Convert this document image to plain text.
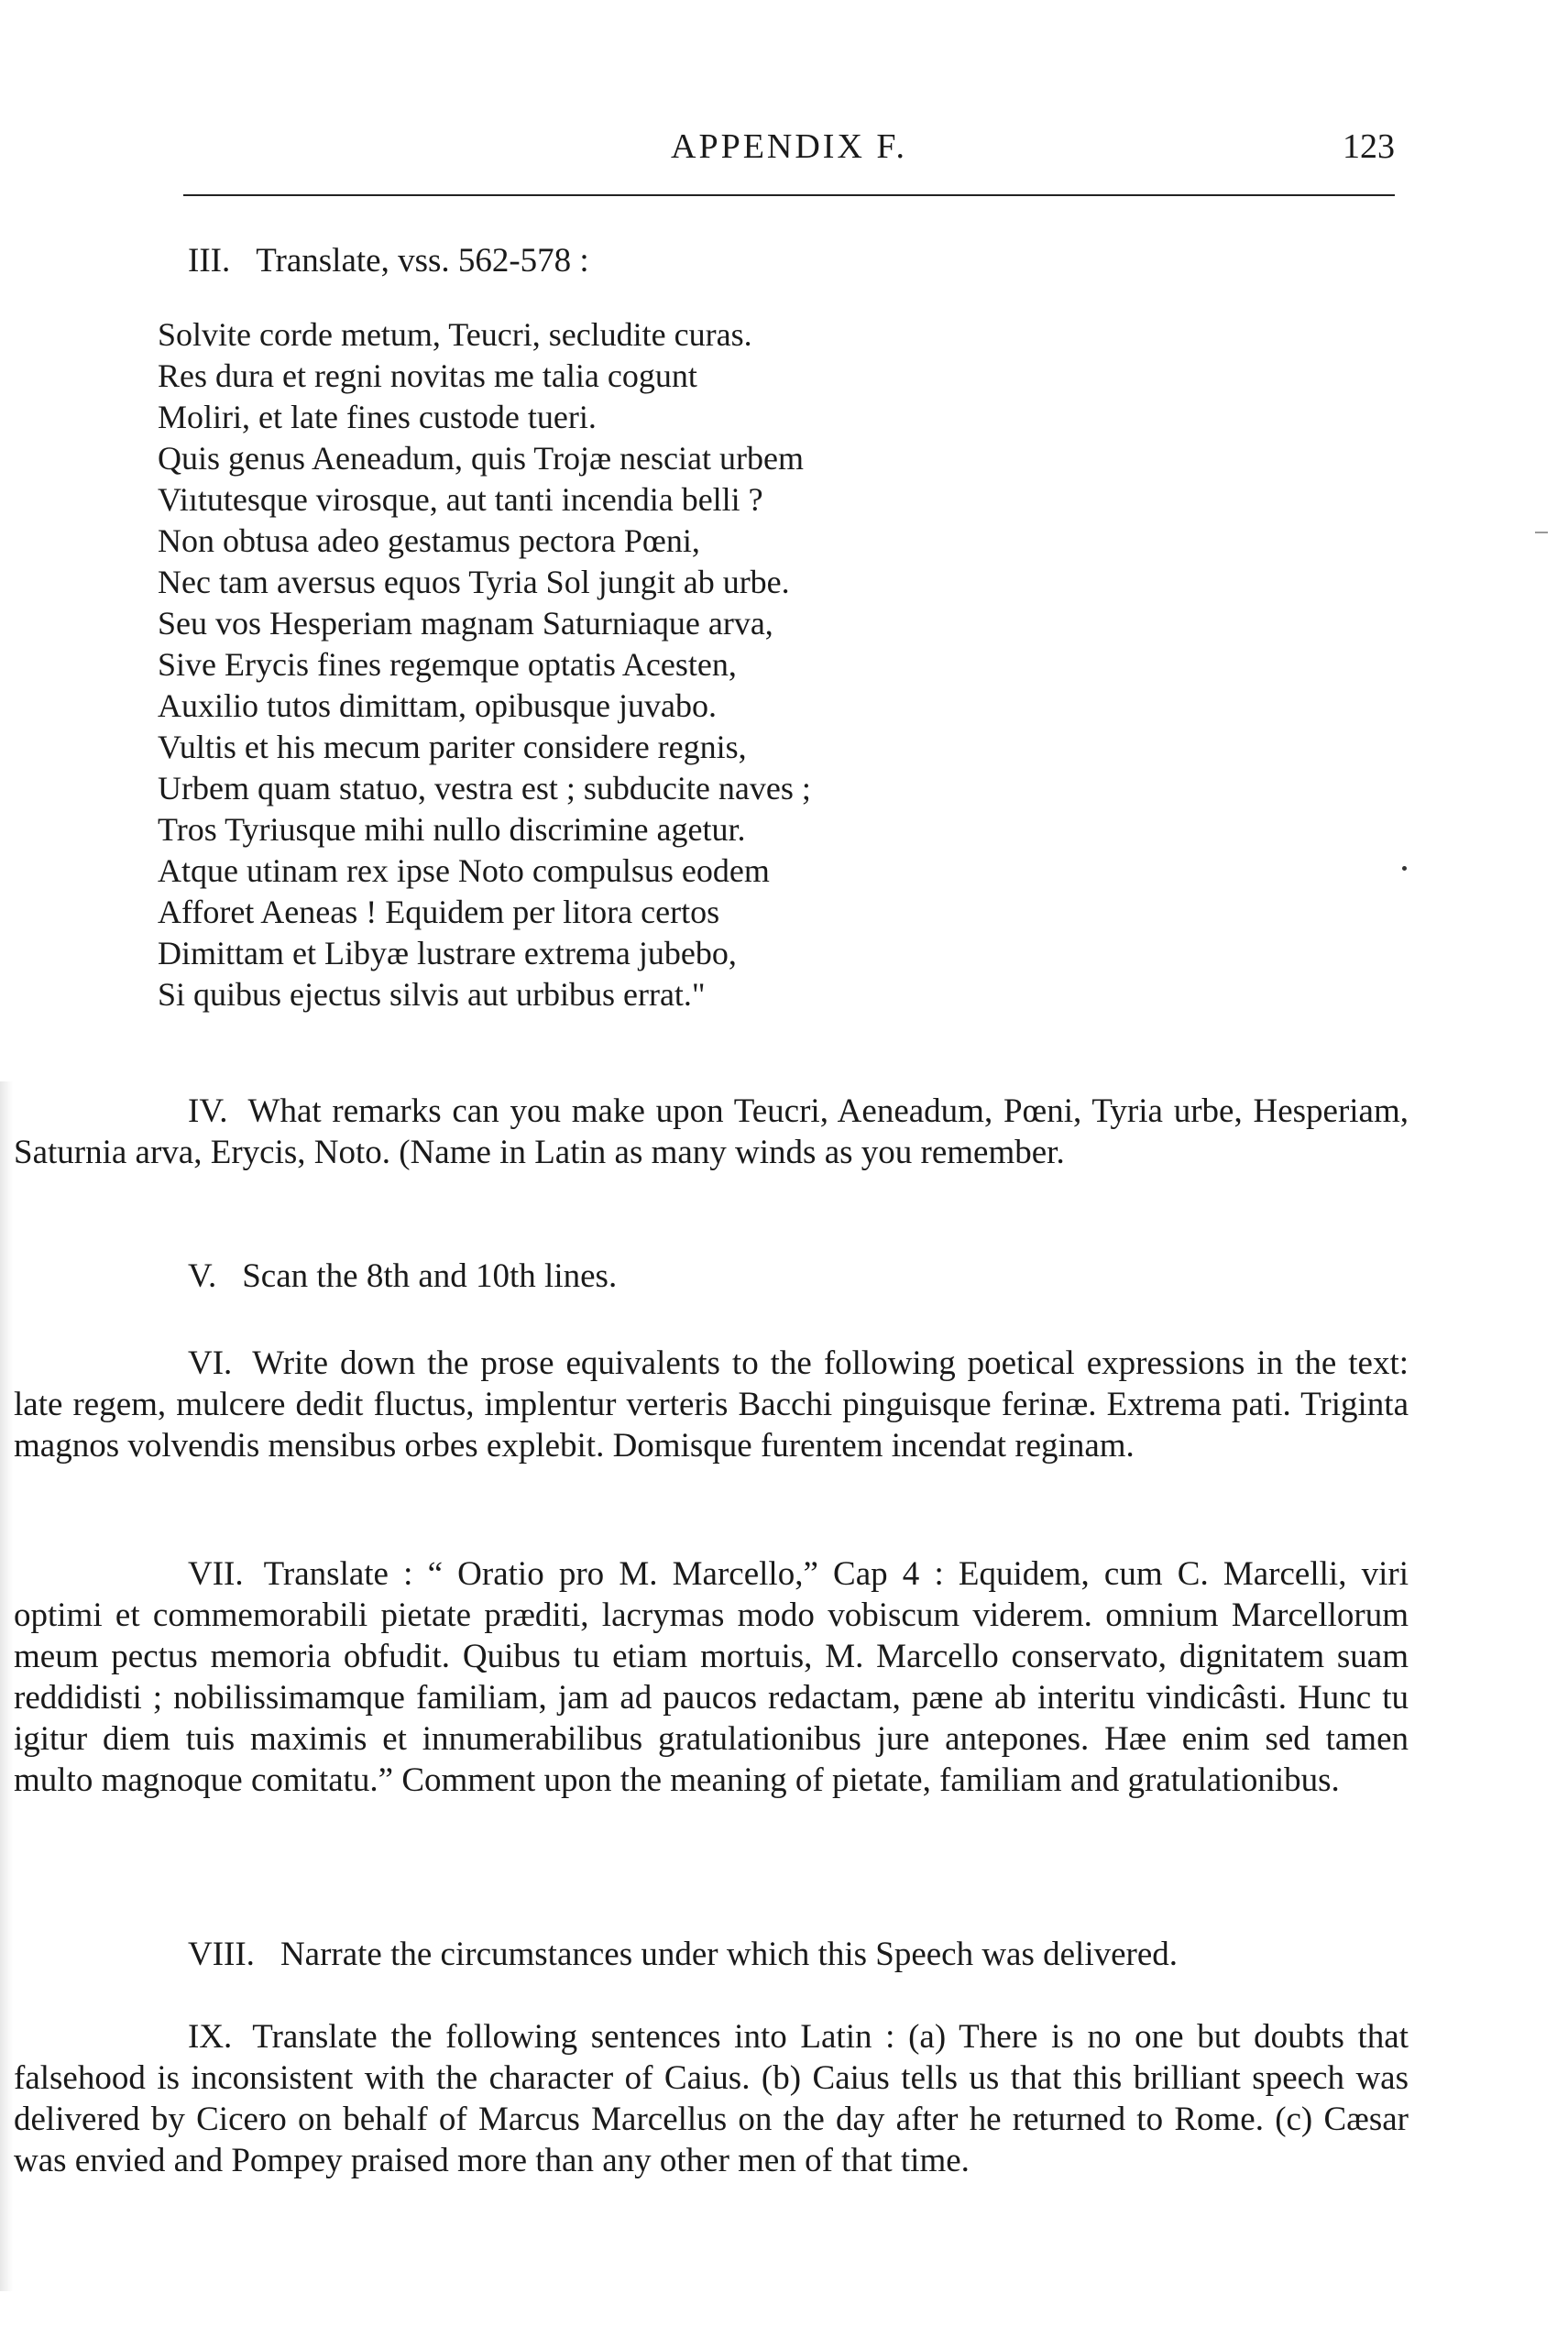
APPENDIX F.	123
III. Translate, vss. 562-578 :
Solvite corde metum, Teucri, secludite curas.
Res dura et regni novitas me talia cogunt
Moliri, et late fines custode tueri.
Quis genus Aeneadum, quis Trojæ nesciat urbem
Viıtutesque virosque, aut tanti incendia belli ?
Non obtusa adeo gestamus pectora Pœni,
Nec tam aversus equos Tyria Sol jungit ab urbe.
Seu vos Hesperiam magnam Saturniaque arva,
Sive Erycis fines regemque optatis Acesten,
Auxilio tutos dimittam, opibusque juvabo.
Vultis et his mecum pariter considere regnis,
Urbem quam statuo, vestra est ; subducite naves ;
Tros Tyriusque mihi nullo discrimine agetur.
Atque utinam rex ipse Noto compulsus eodem
Afforet Aeneas ! Equidem per litora certos
Dimittam et Libyæ lustrare extrema jubebo,
Si quibus ejectus silvis aut urbibus errat."
IV. What remarks can you make upon Teucri, Aeneadum, Pœni, Tyria urbe, Hesperiam, Saturnia arva, Erycis, Noto. (Name in Latin as many winds as you remember.
V. Scan the 8th and 10th lines.
VI. Write down the prose equivalents to the following poetical expressions in the text: late regem, mulcere dedit fluctus, implentur verteris Bacchi pinguisque ferinæ. Extrema pati. Triginta magnos volvendis mensibus orbes explebit. Domisque furentem incendat reginam.
VII. Translate : “ Oratio pro M. Marcello,” Cap 4 : Equidem, cum C. Marcelli, viri optimi et commemorabili pietate præditi, lacrymas modo vobiscum viderem. omnium Marcellorum meum pectus memoria obfudit. Quibus tu etiam mortuis, M. Marcello conservato, dignitatem suam reddidisti ; nobilissimamque familiam, jam ad paucos redactam, pæne ab interitu vindicâsti. Hunc tu igitur diem tuis maximis et innumerabilibus gratulationibus jure antepones. Hæe enim sed tamen multo magnoque comitatu.” Comment upon the meaning of pietate, familiam and gratulationibus.
VIII. Narrate the circumstances under which this Speech was delivered.
IX. Translate the following sentences into Latin : (a) There is no one but doubts that falsehood is inconsistent with the character of Caius. (b) Caius tells us that this brilliant speech was delivered by Cicero on behalf of Marcus Marcellus on the day after he returned to Rome. (c) Cæsar was envied and Pompey praised more than any other men of that time.
